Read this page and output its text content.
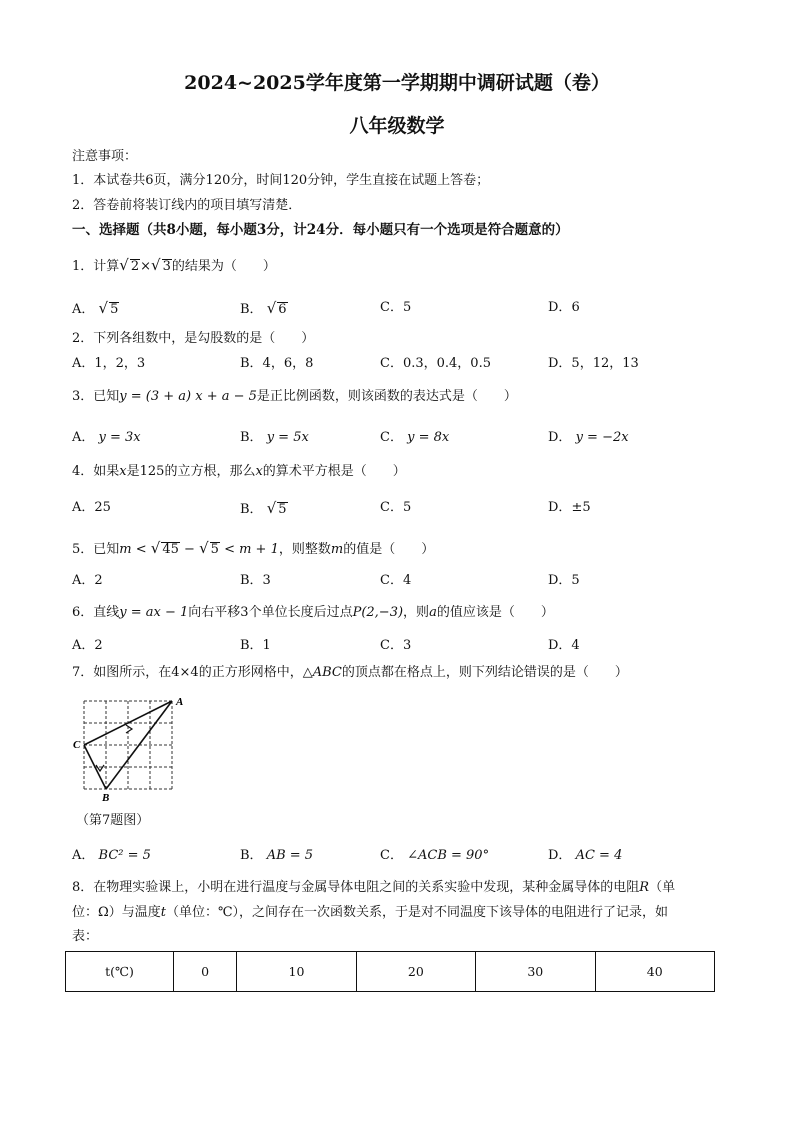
2024~2025学年度第一学期期中调研试题（卷）
八年级数学
注意事项：
1．本试卷共6页，满分120分，时间120分钟，学生直接在试题上答卷；
2．答卷前将装订线内的项目填写清楚．
一、选择题（共8小题，每小题3分，计24分．每小题只有一个选项是符合题意的）
1．计算√ 2×√ 3的结果为（　　）
A． √ 5	B． √ 6	C．5	D．6
2．下列各组数中，是勾股数的是（　　）
A．1，2，3	B．4，6，8	C．0.3，0.4，0.5	D．5，12，13
3．已知y = (3 + a) x + a − 5是正比例函数，则该函数的表达式是（　　）
A． y = 3x	B． y = 5x	C． y = 8x	D． y = −2x
4．如果x是125的立方根，那么x的算术平方根是（　　）
A．25	B． √ 5	C．5	D．±5
5．已知m < √ 45 − √ 5 < m + 1，则整数m的值是（　　）
A．2	B．3	C．4	D．5
6．直线y = ax − 1向右平移3个单位长度后过点P(2,−3)，则a的值应该是（　　）
A．2	B．1	C．3	D．4
7．如图所示，在4×4的正方形网格中，△ABC的顶点都在格点上，则下列结论错误的是（　　）
A
C
B
（第7题图）
A． BC² = 5	B． AB = 5	C． ∠ACB = 90°	D． AC = 4
8．在物理实验课上，小明在进行温度与金属导体电阻之间的关系实验中发现，某种金属导体的电阻R（单
位：Ω）与温度t（单位：℃），之间存在一次函数关系，于是对不同温度下该导体的电阻进行了记录，如
表：
t(℃)	0	10	20	30	40
